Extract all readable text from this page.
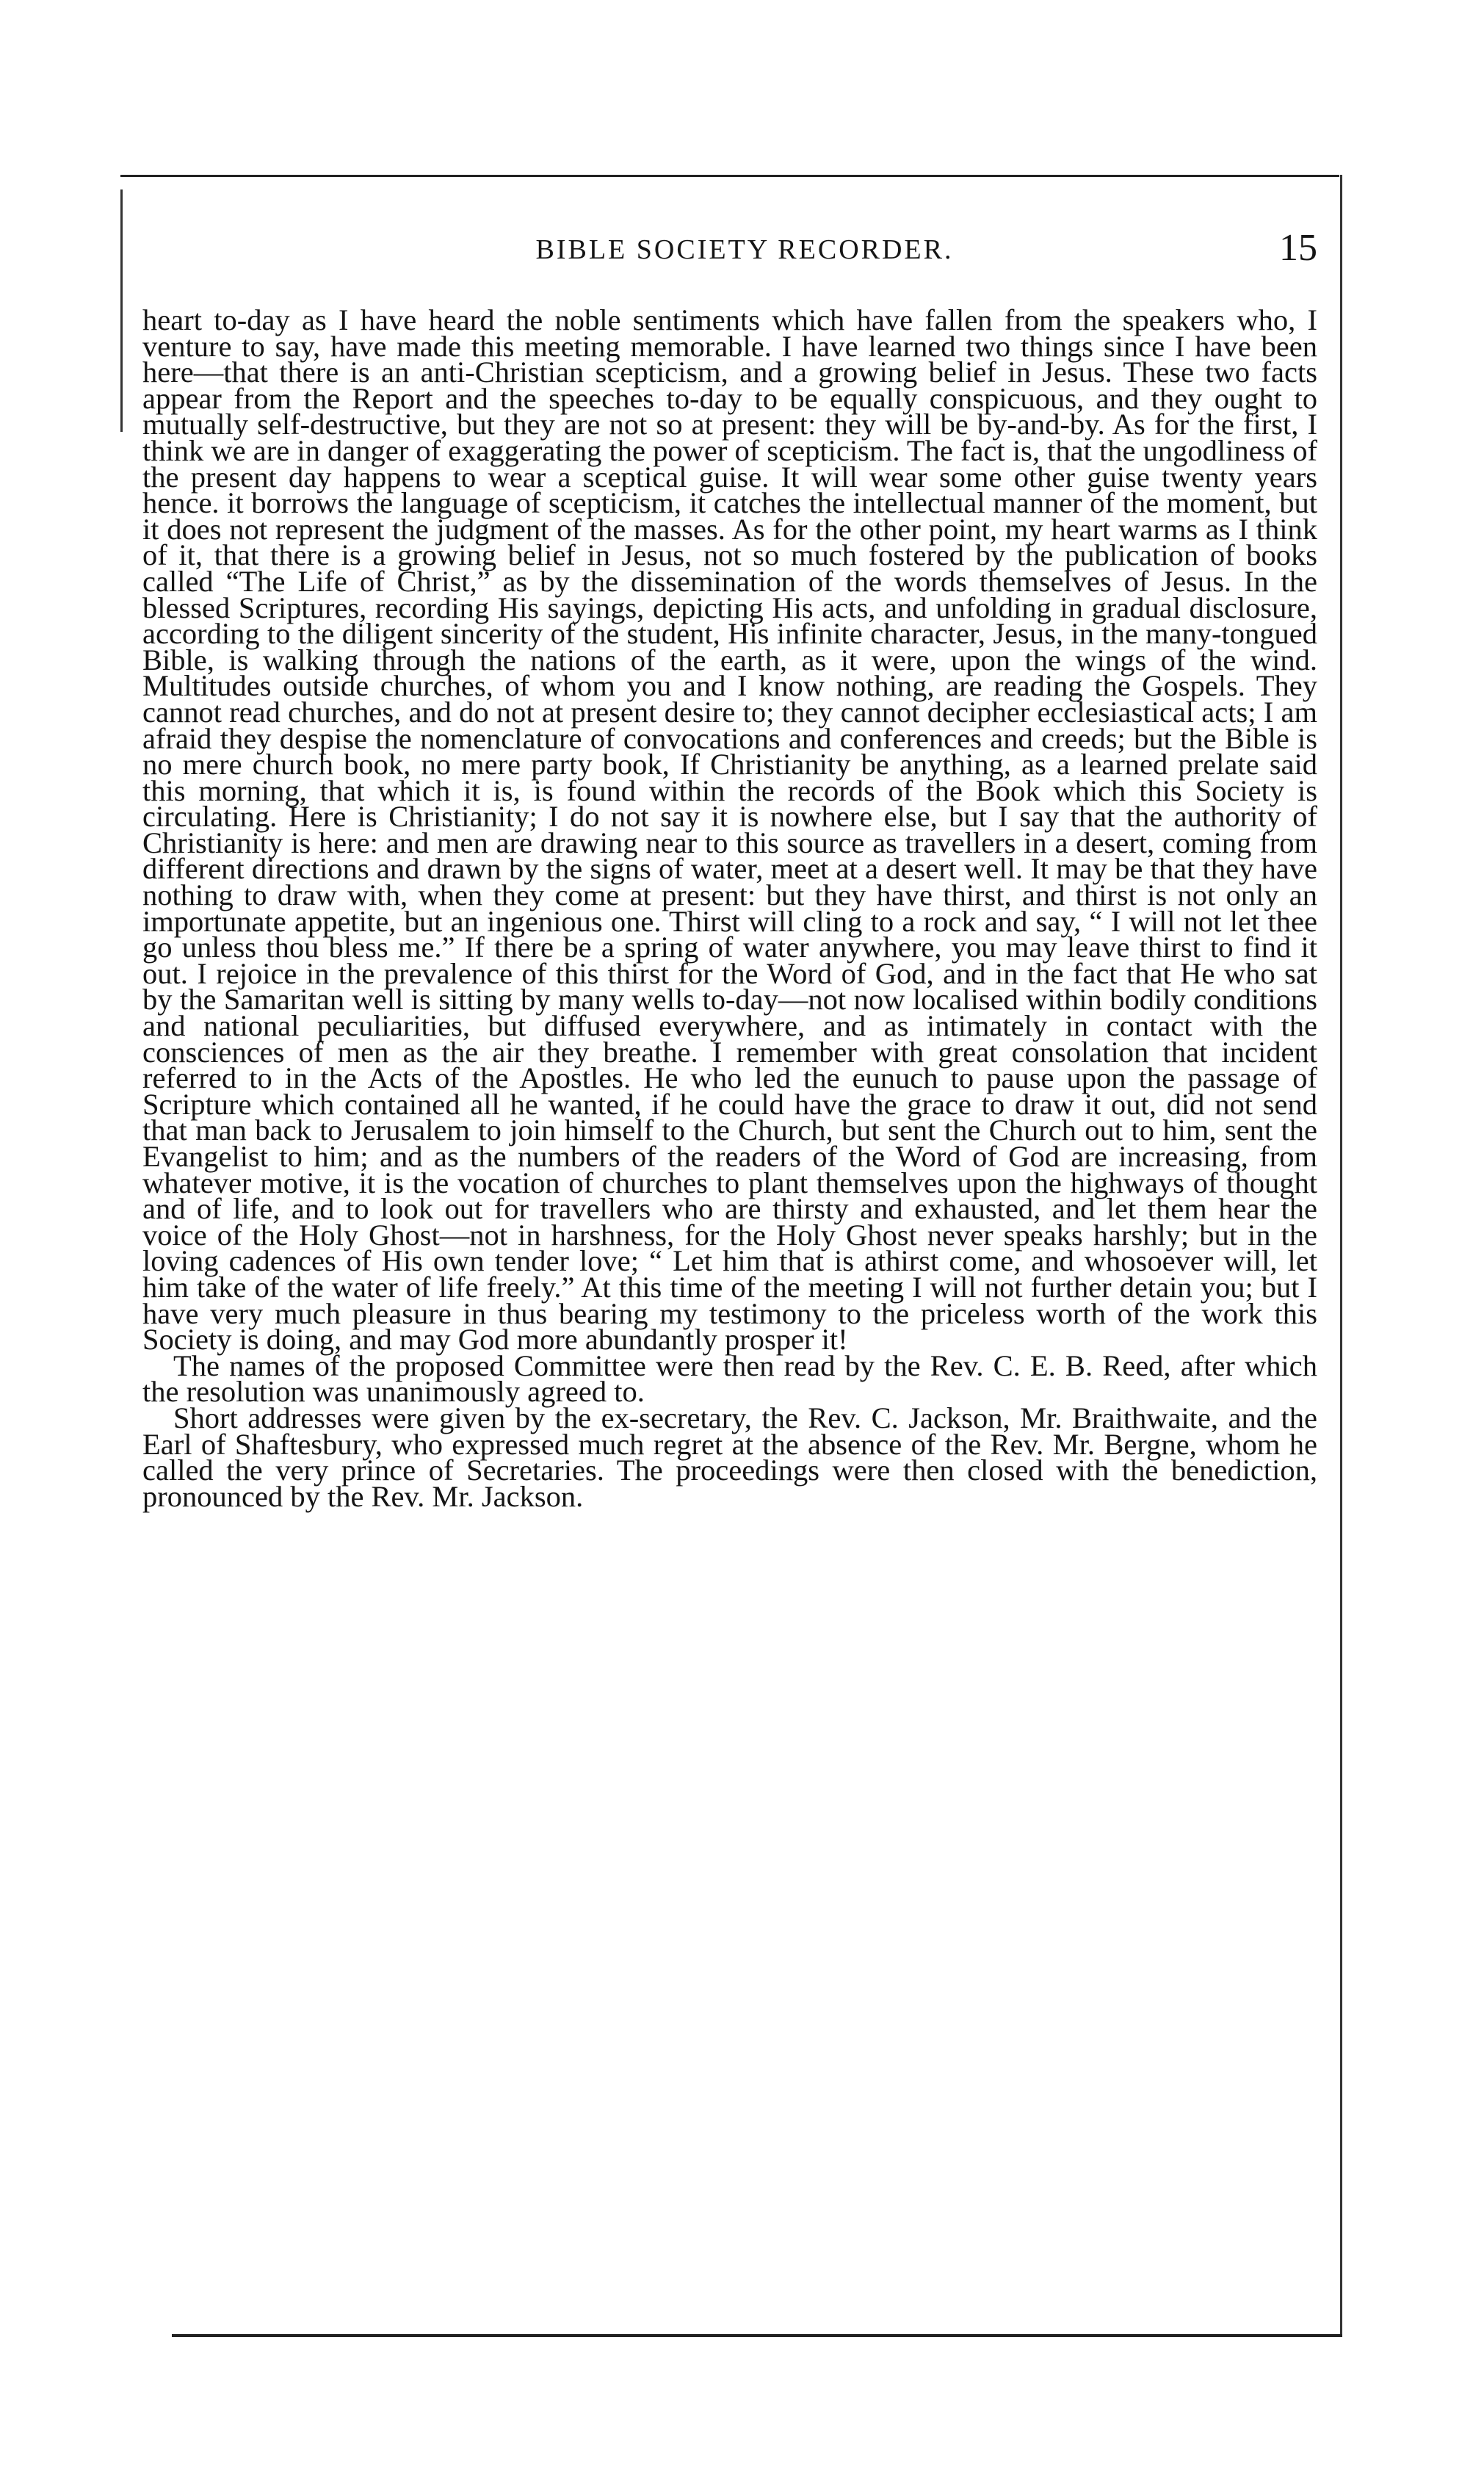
BIBLE SOCIETY RECORDER.	15

heart to-day as I have heard the noble sentiments which have fallen from the speakers who, I venture to say, have made this meeting memorable. I have learned two things since I have been here—that there is an anti-Christian scepticism, and a growing belief in Jesus. These two facts appear from the Report and the speeches to-day to be equally conspicuous, and they ought to mutually self-destructive, but they are not so at present: they will be by-and-by. As for the first, I think we are in danger of exaggerating the power of scepticism. The fact is, that the ungodliness of the present day happens to wear a sceptical guise. It will wear some other guise twenty years hence. it borrows the language of scepticism, it catches the intellectual manner of the moment, but it does not represent the judgment of the masses. As for the other point, my heart warms as I think of it, that there is a growing belief in Jesus, not so much fostered by the publication of books called “The Life of Christ,” as by the dissemination of the words themselves of Jesus. In the blessed Scriptures, recording His sayings, depicting His acts, and unfolding in gradual disclosure, according to the diligent sincerity of the student, His infinite character, Jesus, in the many-tongued Bible, is walking through the nations of the earth, as it were, upon the wings of the wind. Multitudes outside churches, of whom you and I know nothing, are reading the Gospels. They cannot read churches, and do not at present desire to; they cannot decipher ecclesiastical acts; I am afraid they despise the nomenclature of convocations and conferences and creeds; but the Bible is no mere church book, no mere party book, If Christianity be anything, as a learned prelate said this morning, that which it is, is found within the records of the Book which this Society is circulating. Here is Christianity; I do not say it is nowhere else, but I say that the authority of Christianity is here: and men are drawing near to this source as travellers in a desert, coming from different directions and drawn by the signs of water, meet at a desert well. It may be that they have nothing to draw with, when they come at present: but they have thirst, and thirst is not only an importunate appetite, but an ingenious one. Thirst will cling to a rock and say, “ I will not let thee go unless thou bless me.” If there be a spring of water anywhere, you may leave thirst to find it out. I rejoice in the prevalence of this thirst for the Word of God, and in the fact that He who sat by the Samaritan well is sitting by many wells to-day—not now localised within bodily conditions and national peculiarities, but diffused everywhere, and as intimately in contact with the consciences of men as the air they breathe. I remember with great consolation that incident referred to in the Acts of the Apostles. He who led the eunuch to pause upon the passage of Scripture which contained all he wanted, if he could have the grace to draw it out, did not send that man back to Jerusalem to join himself to the Church, but sent the Church out to him, sent the Evangelist to him; and as the numbers of the readers of the Word of God are increasing, from whatever motive, it is the vocation of churches to plant themselves upon the highways of thought and of life, and to look out for travellers who are thirsty and exhausted, and let them hear the voice of the Holy Ghost—not in harshness, for the Holy Ghost never speaks harshly; but in the loving cadences of His own tender love; “ Let him that is athirst come, and whosoever will, let him take of the water of life freely.” At this time of the meeting I will not further detain you; but I have very much pleasure in thus bearing my testimony to the priceless worth of the work this Society is doing, and may God more abundantly prosper it!

The names of the proposed Committee were then read by the Rev. C. E. B. Reed, after which the resolution was unanimously agreed to.

Short addresses were given by the ex-secretary, the Rev. C. Jackson, Mr. Braithwaite, and the Earl of Shaftesbury, who expressed much regret at the absence of the Rev. Mr. Bergne, whom he called the very prince of Secretaries. The proceedings were then closed with the benediction, pronounced by the Rev. Mr. Jackson.
